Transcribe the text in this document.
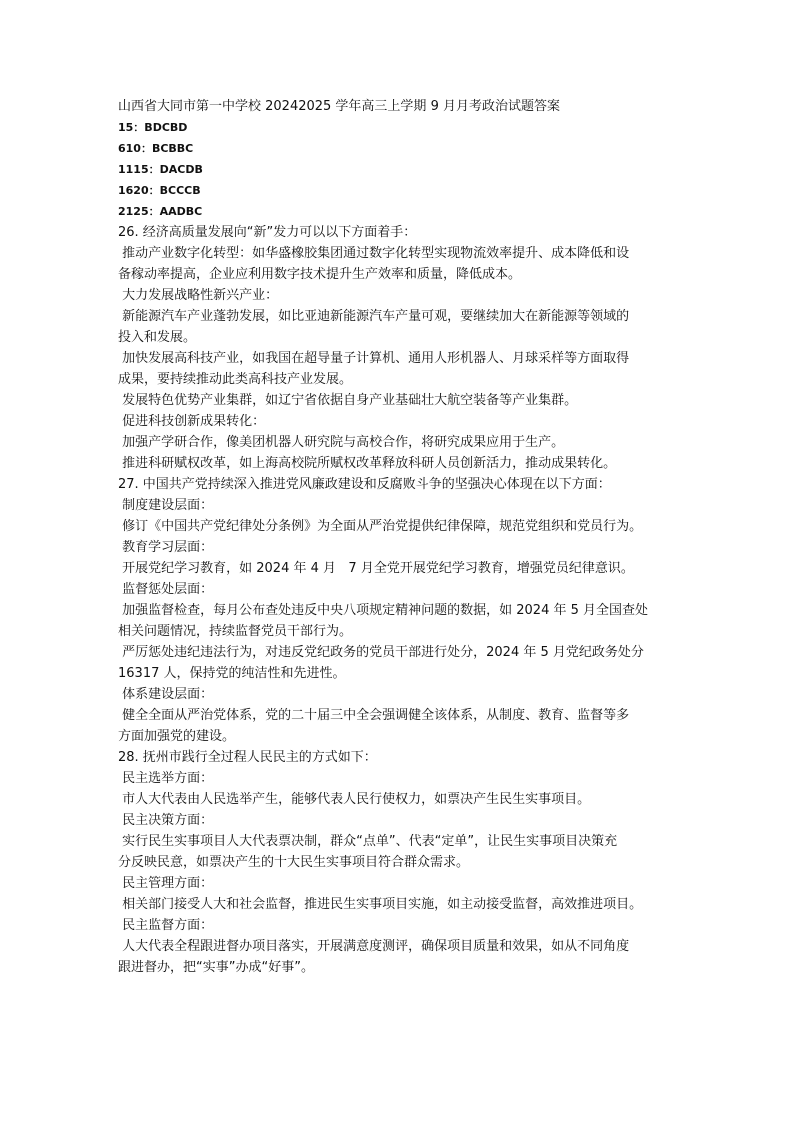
山西省大同市第一中学校 20242025 学年高三上学期 9 月月考政治试题答案
15：BDCBD
610：BCBBC
1115：DACDB
1620：BCCCB
2125：AADBC
26. 经济高质量发展向“新”发力可以以下方面着手：
推动产业数字化转型：如华盛橡胶集团通过数字化转型实现物流效率提升、成本降低和设
备稼动率提高，企业应利用数字技术提升生产效率和质量，降低成本。
大力发展战略性新兴产业：
新能源汽车产业蓬勃发展，如比亚迪新能源汽车产量可观，要继续加大在新能源等领域的
投入和发展。
加快发展高科技产业，如我国在超导量子计算机、通用人形机器人、月球采样等方面取得
成果，要持续推动此类高科技产业发展。
发展特色优势产业集群，如辽宁省依据自身产业基础壮大航空装备等产业集群。
促进科技创新成果转化：
加强产学研合作，像美团机器人研究院与高校合作，将研究成果应用于生产。
推进科研赋权改革，如上海高校院所赋权改革释放科研人员创新活力，推动成果转化。
27. 中国共产党持续深入推进党风廉政建设和反腐败斗争的坚强决心体现在以下方面：
制度建设层面：
修订《中国共产党纪律处分条例》为全面从严治党提供纪律保障，规范党组织和党员行为。
教育学习层面：
开展党纪学习教育，如 2024 年 4 月   7 月全党开展党纪学习教育，增强党员纪律意识。
监督惩处层面：
加强监督检查，每月公布查处违反中央八项规定精神问题的数据，如 2024 年 5 月全国查处
相关问题情况，持续监督党员干部行为。
严厉惩处违纪违法行为，对违反党纪政务的党员干部进行处分，2024 年 5 月党纪政务处分
16317 人，保持党的纯洁性和先进性。
体系建设层面：
健全全面从严治党体系，党的二十届三中全会强调健全该体系，从制度、教育、监督等多
方面加强党的建设。
28. 抚州市践行全过程人民民主的方式如下：
民主选举方面：
市人大代表由人民选举产生，能够代表人民行使权力，如票决产生民生实事项目。
民主决策方面：
实行民生实事项目人大代表票决制，群众“点单”、代表“定单”，让民生实事项目决策充
分反映民意，如票决产生的十大民生实事项目符合群众需求。
民主管理方面：
相关部门接受人大和社会监督，推进民生实事项目实施，如主动接受监督，高效推进项目。
民主监督方面：
人大代表全程跟进督办项目落实，开展满意度测评，确保项目质量和效果，如从不同角度
跟进督办，把“实事”办成“好事”。
